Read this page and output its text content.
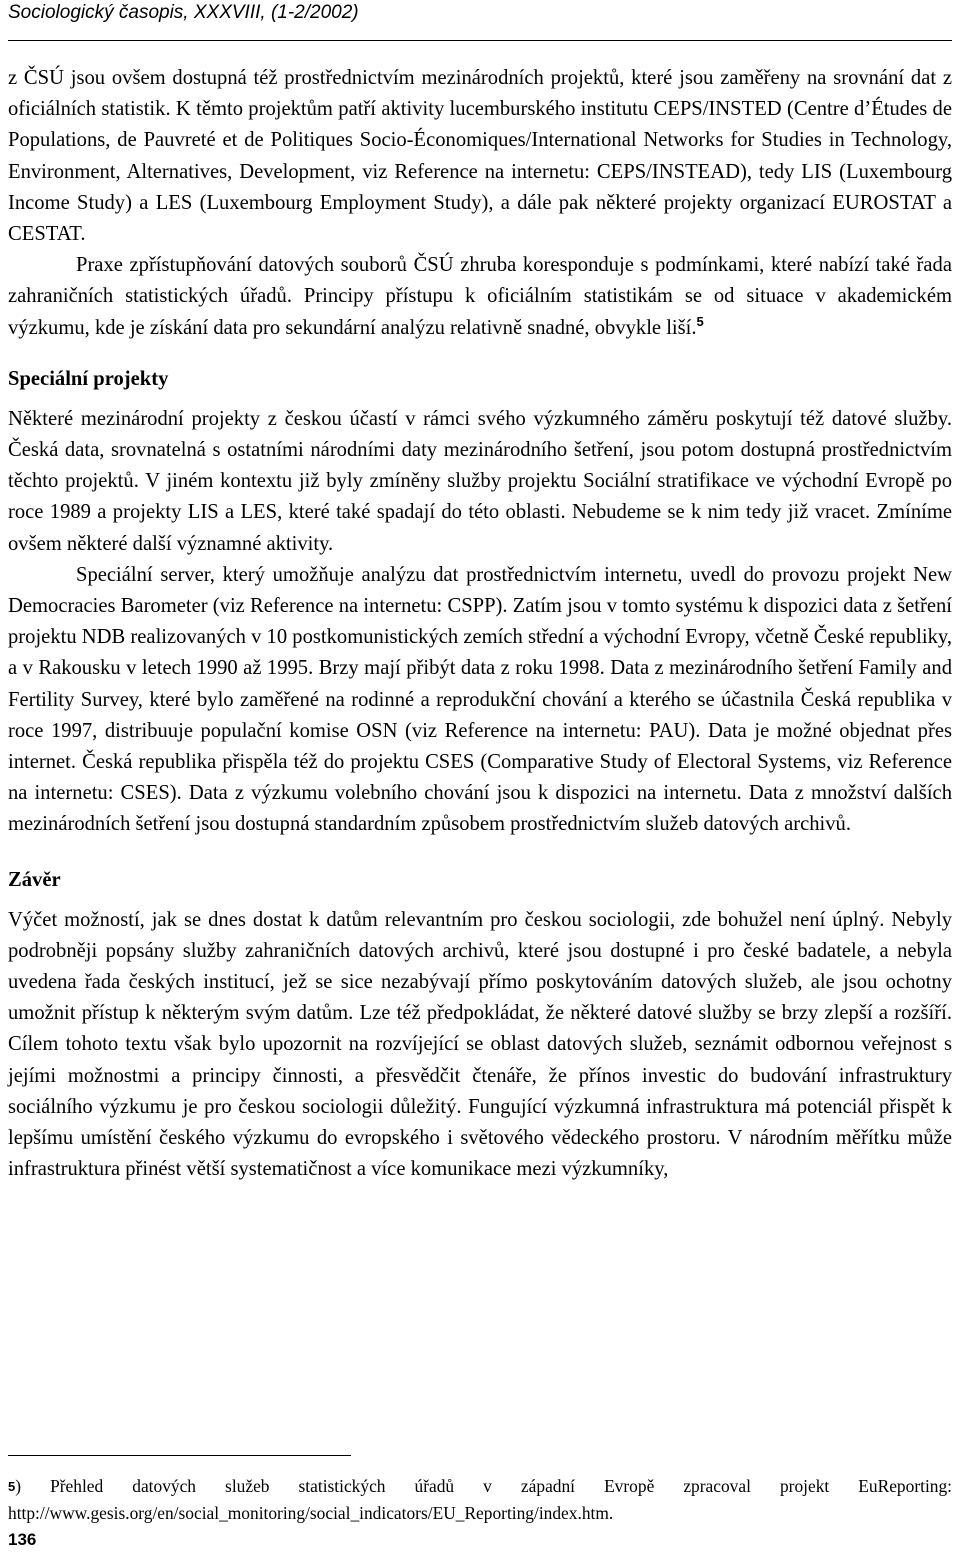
Sociologický časopis, XXXVIII, (1-2/2002)

z ČSÚ jsou ovšem dostupná též prostřednictvím mezinárodních projektů, které jsou zaměřeny na srovnání dat z oficiálních statistik. K těmto projektům patří aktivity lucemburského institutu CEPS/INSTED (Centre d’Études de Populations, de Pauvreté et de Politiques Socio-Économiques/International Networks for Studies in Technology, Environment, Alternatives, Development, viz Reference na internetu: CEPS/INSTEAD), tedy LIS (Luxembourg Income Study) a LES (Luxembourg Employment Study), a dále pak některé projekty organizací EUROSTAT a CESTAT.

Praxe zpřístupňování datových souborů ČSÚ zhruba koresponduje s podmínkami, které nabízí také řada zahraničních statistických úřadů. Principy přístupu k oficiálním statistikám se od situace v akademickém výzkumu, kde je získání data pro sekundární analýzu relativně snadné, obvykle liší.$^5$

Speciální projekty

Některé mezinárodní projekty z českou účastí v rámci svého výzkumného záměru poskytují též datové služby. Česká data, srovnatelná s ostatními národními daty mezinárodního šetření, jsou potom dostupná prostřednictvím těchto projektů. V jiném kontextu již byly zmíněny služby projektu Sociální stratifikace ve východní Evropě po roce 1989 a projekty LIS a LES, které také spadají do této oblasti. Nebudeme se k nim tedy již vracet. Zmíníme ovšem některé další významné aktivity.

Speciální server, který umožňuje analýzu dat prostřednictvím internetu, uvedl do provozu projekt New Democracies Barometer (viz Reference na internetu: CSPP). Zatím jsou v tomto systému k dispozici data z šetření projektu NDB realizovaných v 10 postkomunistických zemích střední a východní Evropy, včetně České republiky, a v Rakousku v letech 1990 až 1995. Brzy mají přibýt data z roku 1998. Data z mezinárodního šetření Family and Fertility Survey, které bylo zaměřené na rodinné a reprodukční chování a kterého se účastnila Česká republika v roce 1997, distribuuje populační komise OSN (viz Reference na internetu: PAU). Data je možné objednat přes internet. Česká republika přispěla též do projektu CSES (Comparative Study of Electoral Systems, viz Reference na internetu: CSES). Data z výzkumu volebního chování jsou k dispozici na internetu. Data z množství dalších mezinárodních šetření jsou dostupná standardním způsobem prostřednictvím služeb datových archivů.

Závěr

Výčet možností, jak se dnes dostat k datům relevantním pro českou sociologii, zde bohužel není úplný. Nebyly podrobněji popsány služby zahraničních datových archivů, které jsou dostupné i pro české badatele, a nebyla uvedena řada českých institucí, jež se sice nezabývají přímo poskytováním datových služeb, ale jsou ochotny umožnit přístup k některým svým datům. Lze též předpokládat, že některé datové služby se brzy zlepší a rozšíří. Cílem tohoto textu však bylo upozornit na rozvíjející se oblast datových služeb, seznámit odbornou veřejnost s jejími možnostmi a principy činnosti, a přesvědčit čtenáře, že přínos investic do budování infrastruktury sociálního výzkumu je pro českou sociologii důležitý. Fungující výzkumná infrastruktura má potenciál přispět k lepšímu umístění českého výzkumu do evropského i světového vědeckého prostoru. V národním měřítku může infrastruktura přinést větší systematičnost a více komunikace mezi výzkumníky,

$^5$) Přehled datových služeb statistických úřadů v západní Evropě zpracoval projekt EuReporting: http://www.gesis.org/en/social_monitoring/social_indicators/EU_Reporting/index.htm.
136
